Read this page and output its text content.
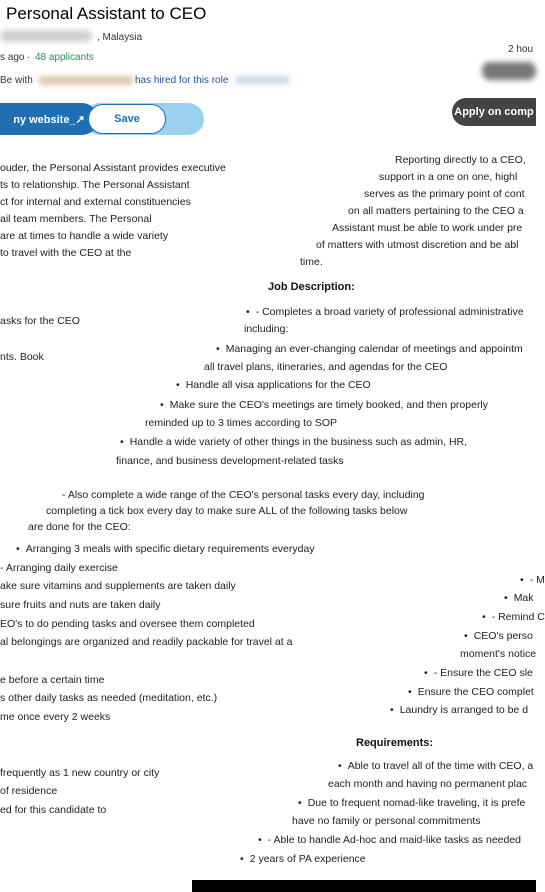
Personal Assistant to CEO
, Malaysia
s ago · 48 applicants
2 hou
Be with	has hired for this role
ny website_↗	Save
Apply on comp
ouder, the Personal Assistant provides executive
ts to relationship. The Personal Assistant
ct for internal and external constituencies
ail team members. The Personal
are at times to handle a wide variety
to travel with the CEO at the
Reporting directly to a CEO,
support in a one on one, highl
serves as the primary point of cont
on all matters pertaining to the CEO a
Assistant must be able to work under pre
of matters with utmost discretion and be abl
time.
Job Description:
asks for the CEO
nts. Book
• - Completes a broad variety of professional administrative
including:
• Managing an ever-changing calendar of meetings and appointm
all travel plans, itineraries, and agendas for the CEO
• Handle all visa applications for the CEO
• Make sure the CEO's meetings are timely booked, and then properly
reminded up to 3 times according to SOP
• Handle a wide variety of other things in the business such as admin, HR,
finance, and business development-related tasks
- Also complete a wide range of the CEO's personal tasks every day, including
completing a tick box every day to make sure ALL of the following tasks below
are done for the CEO:
• Arranging 3 meals with specific dietary requirements everyday
- Arranging daily exercise
ake sure vitamins and supplements are taken daily
sure fruits and nuts are taken daily
EO's to do pending tasks and oversee them completed
al belongings are organized and readily packable for travel at a
e before a certain time
s other daily tasks as needed (meditation, etc.)
me once every 2 weeks
• - M
• Mak
• - Remind C
• CEO's perso
moment's notice
• - Ensure the CEO sle
• Ensure the CEO complet
• Laundry is arranged to be d
Requirements:
• Able to travel all of the time with CEO, a
each month and having no permanent plac
• Due to frequent nomad-like traveling, it is prefe
have no family or personal commitments
• - Able to handle Ad-hoc and maid-like tasks as needed
• 2 years of PA experience
frequently as 1 new country or city
of residence
ed for this candidate to
